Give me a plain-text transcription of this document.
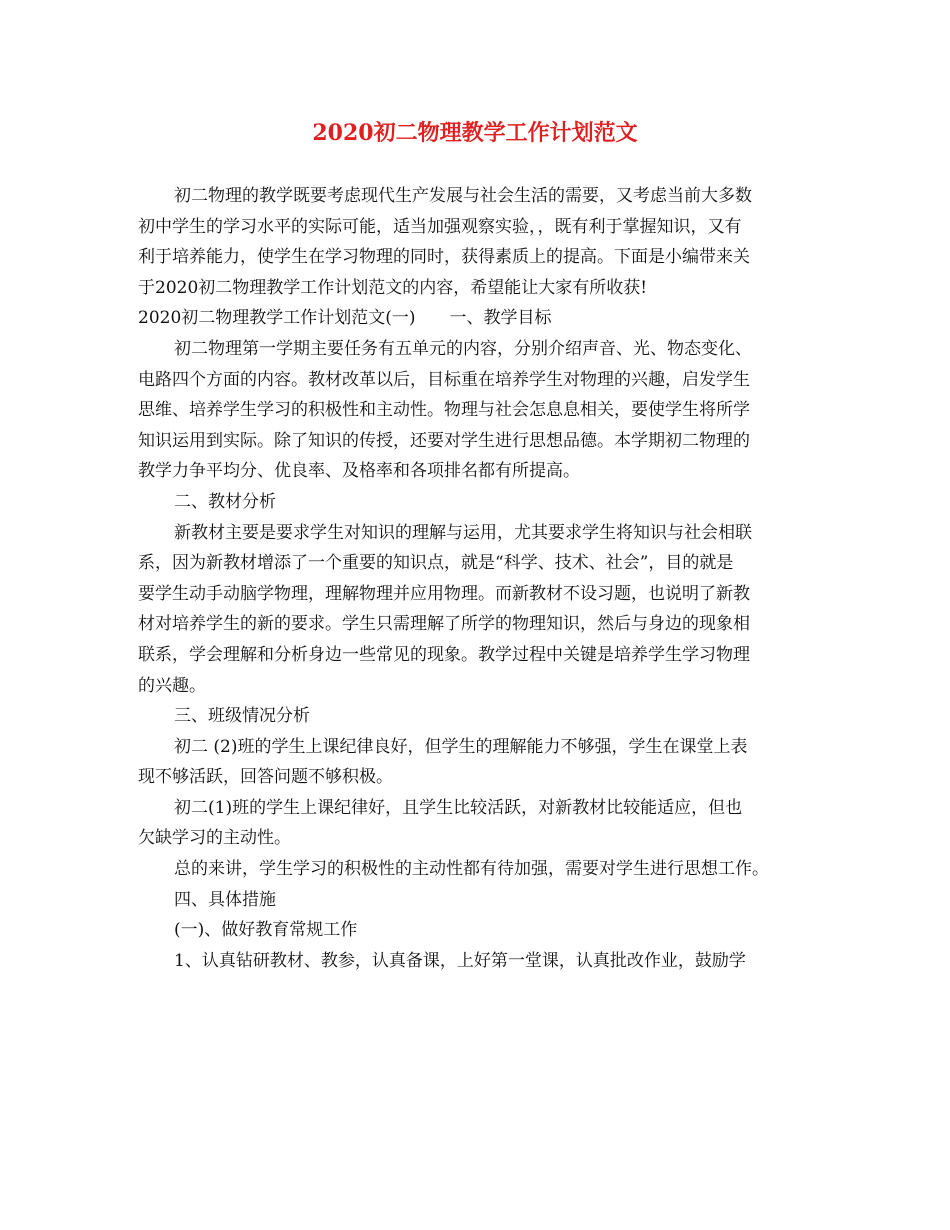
2020初二物理教学工作计划范文
初二物理的教学既要考虑现代生产发展与社会生活的需要，又考虑当前大多数
初中学生的学习水平的实际可能，适当加强观察实验，，既有利于掌握知识，又有
利于培养能力，使学生在学习物理的同时，获得素质上的提高。下面是小编带来关
于2020初二物理教学工作计划范文的内容，希望能让大家有所收获!
2020初二物理教学工作计划范文(一)　　一、教学目标
初二物理第一学期主要任务有五单元的内容，分别介绍声音、光、物态变化、
电路四个方面的内容。教材改革以后，目标重在培养学生对物理的兴趣，启发学生
思维、培养学生学习的积极性和主动性。物理与社会怎息息相关，要使学生将所学
知识运用到实际。除了知识的传授，还要对学生进行思想品德。本学期初二物理的
教学力争平均分、优良率、及格率和各项排名都有所提高。
二、教材分析
新教材主要是要求学生对知识的理解与运用，尤其要求学生将知识与社会相联
系，因为新教材增添了一个重要的知识点，就是“科学、技术、社会”，目的就是
要学生动手动脑学物理，理解物理并应用物理。而新教材不设习题，也说明了新教
材对培养学生的新的要求。学生只需理解了所学的物理知识，然后与身边的现象相
联系，学会理解和分析身边一些常见的现象。教学过程中关键是培养学生学习物理
的兴趣。
三、班级情况分析
初二 (2)班的学生上课纪律良好，但学生的理解能力不够强，学生在课堂上表
现不够活跃，回答问题不够积极。
初二(1)班的学生上课纪律好，且学生比较活跃，对新教材比较能适应，但也
欠缺学习的主动性。
总的来讲，学生学习的积极性的主动性都有待加强，需要对学生进行思想工作。
四、具体措施
(一)、做好教育常规工作
1、认真钻研教材、教参，认真备课，上好第一堂课，认真批改作业，鼓励学
